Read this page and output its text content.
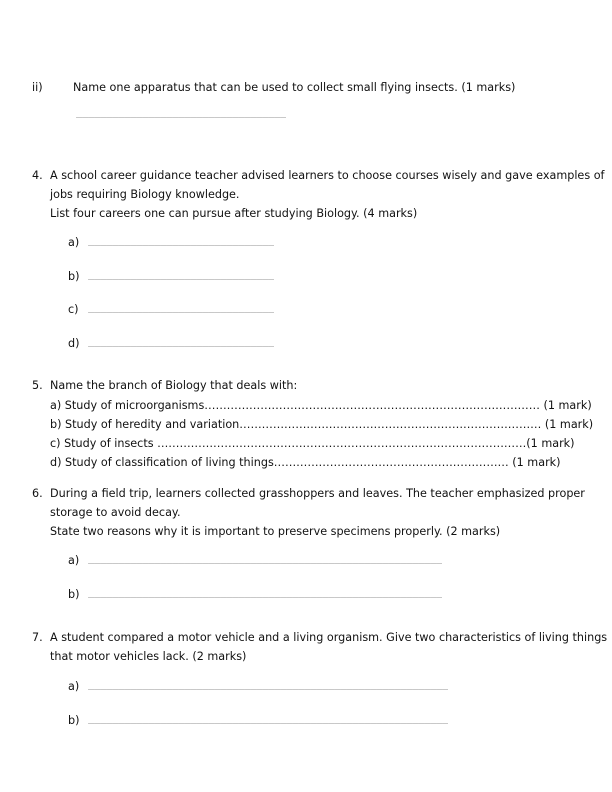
ii)	Name one apparatus that can be used to collect small flying insects. (1 marks)
……………………………………………………………………………………………
4. A school career guidance teacher advised learners to choose courses wisely and gave examples of
jobs requiring Biology knowledge.
List four careers one can pursue after studying Biology. (4 marks)
a) …………………………………………………………………………………
b) …………………………………………………………………………………
c) …………………………………………………………………………………
d) …………………………………………………………………………………
5. Name the branch of Biology that deals with:
a) Study of microorganisms……………………………………………………………………………… (1 mark)
b) Study of heredity and variation……………………………………………………………………… (1 mark)
c) Study of insects ………………………………………………………………………………………(1 mark)
d) Study of classification of living things……………………………………………………… (1 mark)
6. During a field trip, learners collected grasshoppers and leaves. The teacher emphasized proper
storage to avoid decay.
State two reasons why it is important to preserve specimens properly. (2 marks)
a) ……………………………………………………………………………………………………………………………………………………………
b) ……………………………………………………………………………………………………………………………………………………………
7. A student compared a motor vehicle and a living organism. Give two characteristics of living things
that motor vehicles lack. (2 marks)
a) ………………………………………………………………………………………………………………………………………………………………
b) ………………………………………………………………………………………………………………………………………………………………
